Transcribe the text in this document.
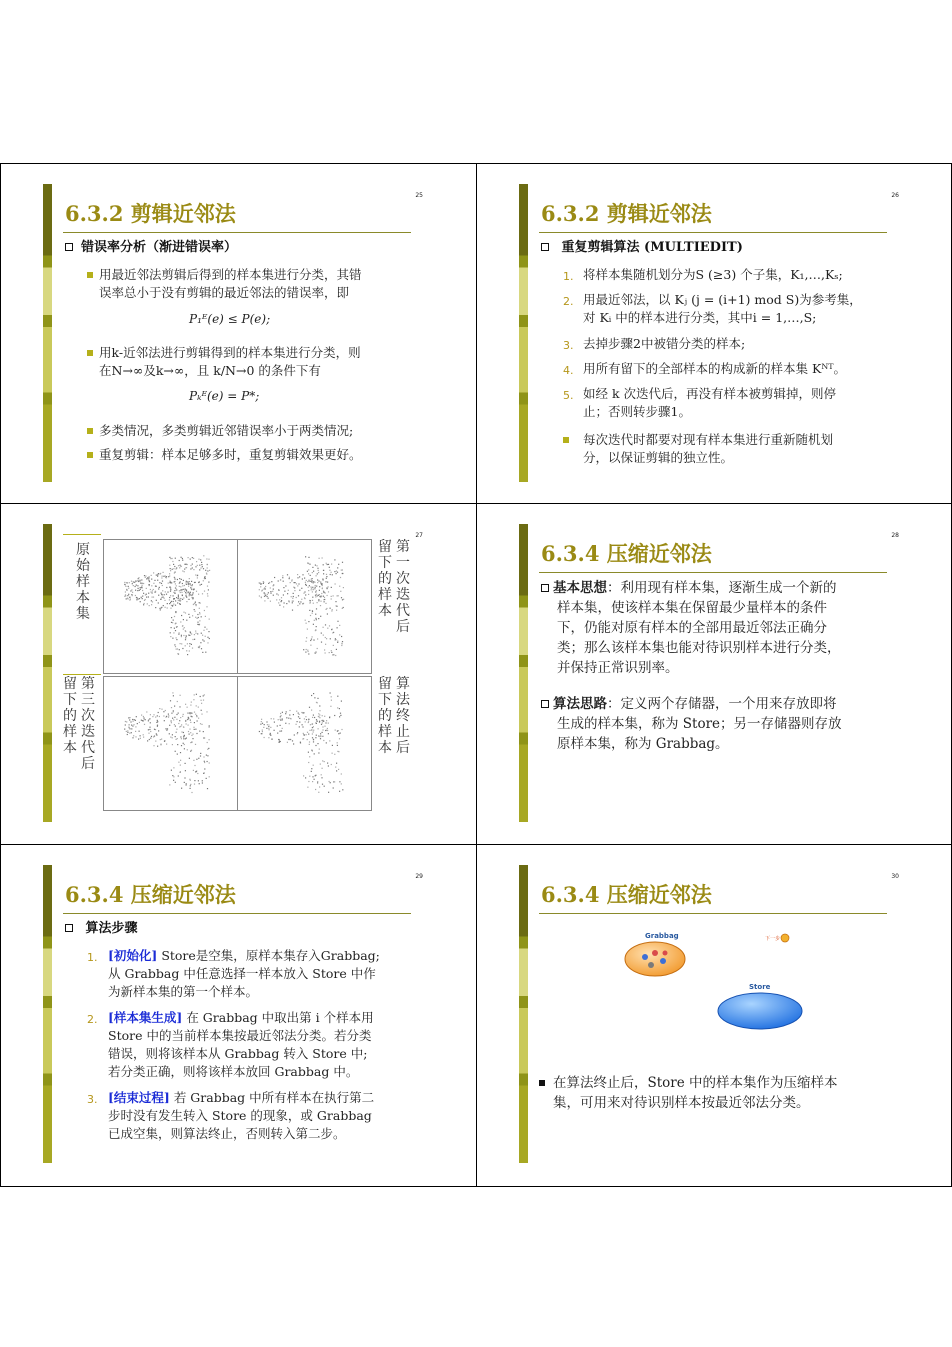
25
6.3.2 剪辑近邻法
错误率分析（渐进错误率）
用最近邻法剪辑后得到的样本集进行分类，其错
误率总小于没有剪辑的最近邻法的错误率，即
P₁ᴱ(e) ≤ P(e);
用k-近邻法进行剪辑得到的样本集进行分类，则
在N→∞及k→∞，且 k/N→0 的条件下有
Pₖᴱ(e) = P*;
多类情况，多类剪辑近邻错误率小于两类情况;
重复剪辑：样本足够多时，重复剪辑效果更好。
26
6.3.2 剪辑近邻法
重复剪辑算法 (MULTIEDIT)
1. 将样本集随机划分为S (≥3) 个子集，K₁,…,Kₛ;
2. 用最近邻法，以 Kⱼ (j = (i+1) mod S)为参考集，
对 Kᵢ 中的样本进行分类，其中i = 1,…,S;
3. 去掉步骤2中被错分类的样本;
4. 用所有留下的全部样本的构成新的样本集 Kᴺᵀ。
5. 如经 k 次迭代后，再没有样本被剪辑掉，则停
止；否则转步骤1。
每次迭代时都要对现有样本集进行重新随机划
分，以保证剪辑的独立性。
27
原始样本集
留下的样本
第一次迭代后
留下的样本
第三次迭代后
留下的样本
算法终止后
28
6.3.4 压缩近邻法
基本思想：利用现有样本集，逐渐生成一个新的
样本集，使该样本集在保留最少量样本的条件
下，仍能对原有样本的全部用最近邻法正确分
类；那么该样本集也能对待识别样本进行分类，
并保持正常识别率。
算法思路：定义两个存储器，一个用来存放即将
生成的样本集，称为 Store；另一存储器则存放
原样本集，称为 Grabbag。
29
6.3.4 压缩近邻法
算法步骤
1. [初始化] Store是空集，原样本集存入Grabbag;
从 Grabbag 中任意选择一样本放入 Store 中作
为新样本集的第一个样本。
2. [样本集生成] 在 Grabbag 中取出第 i 个样本用
Store 中的当前样本集按最近邻法分类。若分类
错误，则将该样本从 Grabbag 转入 Store 中;
若分类正确，则将该样本放回 Grabbag 中。
3. [结束过程] 若 Grabbag 中所有样本在执行第二
步时没有发生转入 Store 的现象，或 Grabbag
已成空集，则算法终止，否则转入第二步。
30
6.3.4 压缩近邻法
Grabbag
Store
下一步
在算法终止后，Store 中的样本集作为压缩样本
集，可用来对待识别样本按最近邻法分类。
